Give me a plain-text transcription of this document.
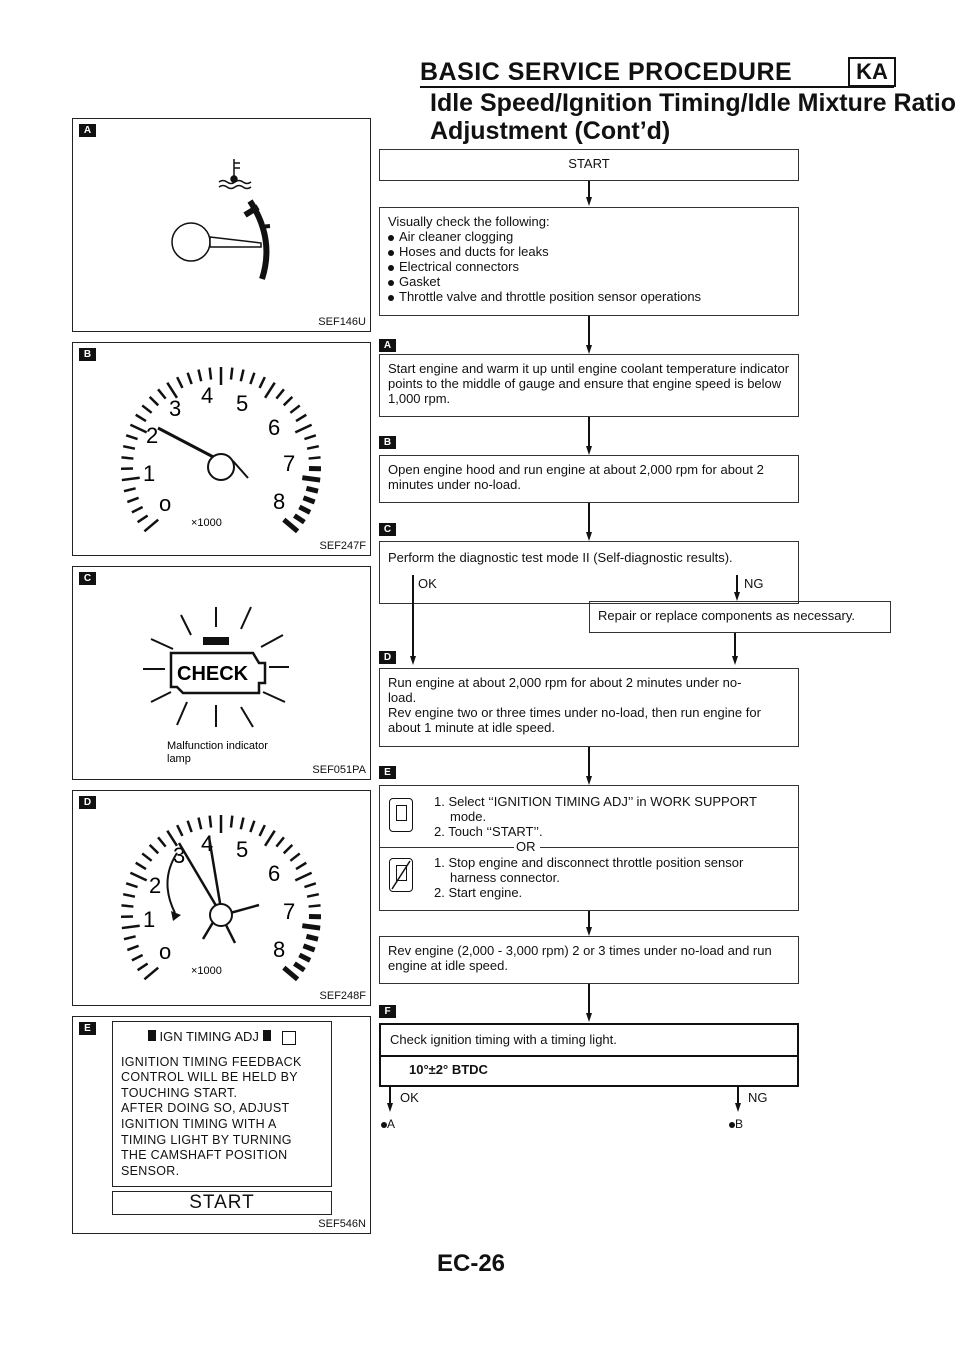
BASIC SERVICE PROCEDURE	KA
Idle Speed/Ignition Timing/Idle Mixture Ratio
Adjustment (Cont’d)
A
SEF146U
B
o
1
2
3
4 5
6
7
8
×1000
SEF247F
C
CHECK
Malfunction indicator
lamp
SEF051PA
D
o
1
2
3 4 5
6
7
8
×1000
SEF248F
E
IGN TIMING ADJ
IGNITION TIMING FEEDBACK
CONTROL WILL BE HELD BY
TOUCHING START.
AFTER DOING SO, ADJUST
IGNITION TIMING WITH A
TIMING LIGHT BY TURNING
THE CAMSHAFT POSITION
SENSOR.
START
SEF546N
START
Visually check the following:
Air cleaner clogging
Hoses and ducts for leaks
Electrical connectors
Gasket
Throttle valve and throttle position sensor operations
A
Start engine and warm it up until engine coolant temperature indicator points to the middle of gauge and ensure that engine speed is below 1,000 rpm.
B
Open engine hood and run engine at about 2,000 rpm for about 2 minutes under no-load.
C
Perform the diagnostic test mode II (Self-diagnostic results).
OK	NG
Repair or replace components as necessary.
D
Run engine at about 2,000 rpm for about 2 minutes under no-
load.
Rev engine two or three times under no-load, then run engine for
about 1 minute at idle speed.
E
1. Select ‘‘IGNITION TIMING ADJ’’ in WORK SUPPORT
mode.
2. Touch ‘‘START’’.
OR
1. Stop engine and disconnect throttle position sensor
harness connector.
2. Start engine.
Rev engine (2,000 - 3,000 rpm) 2 or 3 times under no-load and run engine at idle speed.
F
Check ignition timing with a timing light.
10°±2° BTDC
OK	NG
A	B
EC-26
